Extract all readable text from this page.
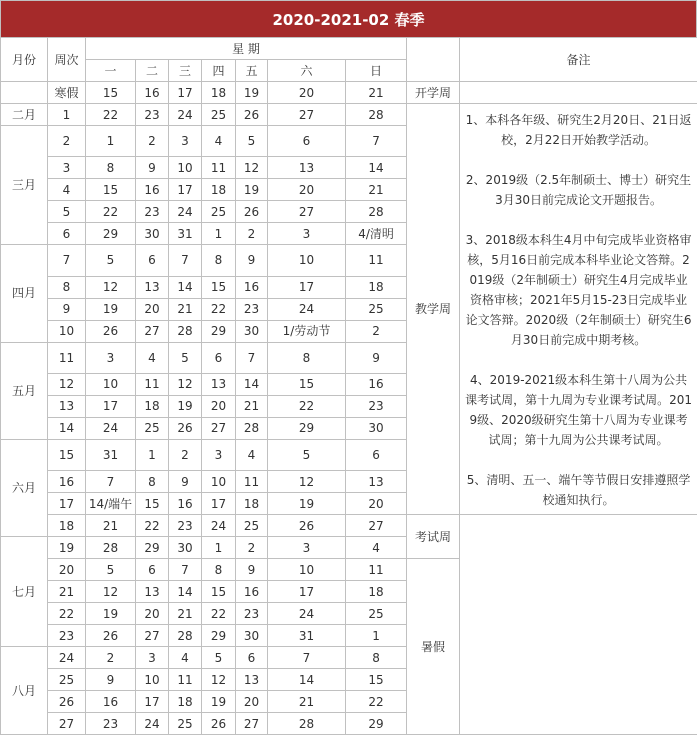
2020-2021-02 春季
月份	周次	星 期								备注
		一	二	三	四	五	六	日		
	寒假	15	16	17	18	19	20	21	开学周	
二月	1	22	23	24	25	26	27	28	教学周	1、本科各年级、研究生2月20日、21日返校，2月22日开始教学活动。
2、2019级（2.5年制硕士、博士）研究生3月30日前完成论文开题报告。
3、2018级本科生4月中旬完成毕业资格审核，5月16日前完成本科毕业论文答辩。2019级（2年制硕士）研究生4月完成毕业资格审核；2021年5月15-23日完成毕业论文答辩。2020级（2年制硕士）研究生6月30日前完成中期考核。
4、2019-2021级本科生第十八周为公共课考试周，第十九周为专业课考试周。2019级、2020级研究生第十八周为专业课考试周；第十九周为公共课考试周。
5、清明、五一、端午等节假日安排遵照学校通知执行。

三月	2	1	2	3	4	5	6	7		
	3	8	9	10	11	12	13	14		
	4	15	16	17	18	19	20	21		
	5	22	23	24	25	26	27	28		
	6	29	30	31	1	2	3	4/清明		
四月	7	5	6	7	8	9	10	11		
	8	12	13	14	15	16	17	18		
	9	19	20	21	22	23	24	25		
	10	26	27	28	29	30	1/劳动节	2		
五月	11	3	4	5	6	7	8	9		
	12	10	11	12	13	14	15	16		
	13	17	18	19	20	21	22	23		
	14	24	25	26	27	28	29	30		
六月	15	31	1	2	3	4	5	6		
	16	7	8	9	10	11	12	13		
	17	14/端午	15	16	17	18	19	20		
	18	21	22	23	24	25	26	27	考试周	
七月	19	28	29	30	1	2	3	4		
	20	5	6	7	8	9	10	11	暑假	
	21	12	13	14	15	16	17	18		
	22	19	20	21	22	23	24	25		
	23	26	27	28	29	30	31	1		
八月	24	2	3	4	5	6	7	8		
	25	9	10	11	12	13	14	15		
	26	16	17	18	19	20	21	22		
	27	23	24	25	26	27	28	29		
